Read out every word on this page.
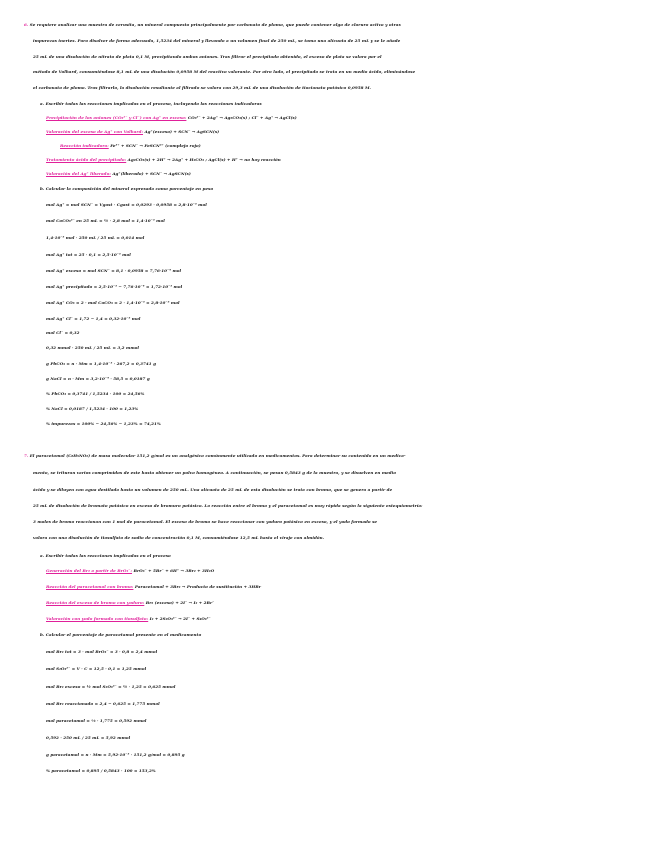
6. Se requiere analizar una muestra de cerusita, un mineral compuesto principalmente por carbonato de plomo, que puede contener algo de cloruro activo y otras
impurezas inertes. Para disolver de forma adecuada, 1,5234 del mineral y llevando a un volumen final de 250 mL, se toma una alícuota de 25 mL y se le añade
25 mL de una disolución de nitrato de plata 0,1 M, precipitando ambos aniones. Tras filtrar el precipitado obtenido, el exceso de plata se valora por el
método de Volhard, consumiéndose 8,1 mL de una disolución 0,0958 M del reactivo valorante. Por otro lado, el precipitado se trata en un medio ácido, eliminándose
el carbonato de plomo. Tras filtrarlo, la disolución resultante al filtrado se valora con 29,3 mL de una disolución de tiocianato potásico 0,0958 M.
a. Escribir todas las reacciones implicadas en el proceso, incluyendo las reacciones indicadoras
Precipitación de los aniones (CO₃²⁻ y Cl⁻) con Ag⁺ en exceso: CO₃²⁻ + 2Ag⁺ → Ag₂CO₃(s) ; Cl⁻ + Ag⁺ → AgCl(s)
Valoración del exceso de Ag⁺ con Volhard: Ag⁺(exceso) + SCN⁻ → AgSCN(s)
Reacción indicadora: Fe³⁺ + SCN⁻ → FeSCN²⁺ (complejo rojo)
Tratamiento ácido del precipitado: Ag₂CO₃(s) + 2H⁺ → 2Ag⁺ + H₂CO₃ ; AgCl(s) + H⁺ → no hay reacción
Valoración del Ag⁺ liberado: Ag⁺(liberado) + SCN⁻ → AgSCN(s)
b. Calcular la composición del mineral expresada como porcentaje en peso
mol Ag⁺ = mol SCN⁻ = Vgast · Cgast = 0,0293 · 0,0958 = 2,8·10⁻³ mol
mol CaCO₃²⁻ en 25 mL = ½ · 2,8 mol = 1,4·10⁻³ mol
1,4·10⁻³ mol · 250 mL / 25 mL = 0,014 mol
mol Ag⁺ tot = 25 · 0,1 = 2,5·10⁻³ mol
mol Ag⁺ exceso = mol SCN⁻ = 8,1 · 0,0958 = 7,76·10⁻⁴ mol
mol Ag⁺ precipitado = 2,5·10⁻³ − 7,76·10⁻⁴ = 1,72·10⁻³ mol
mol Ag⁺ CO₃ = 2 · mol CaCO₃ = 2 · 1,4·10⁻³ = 2,8·10⁻³ mol
mol Ag⁺ Cl⁻ = 1,72 − 1,4 = 0,32·10⁻³ mol
mol Cl⁻ = 0,32
0,32 mmol · 250 mL / 25 mL = 3,2 mmol
g PbCO₃ = n · Mm = 1,4·10⁻³ · 267,2 = 0,3741 g
g NaCl = n · Mm = 3,2·10⁻⁴ · 58,5 = 0,0187 g
% PbCO₃ = 0,3741 / 1,5234 · 100 = 24,56%
% NaCl = 0,0187 / 1,5234 · 100 = 1,23%
% impurezas = 100% − 24,56% − 1,23% = 74,21%
7. El paracetamol (C₈H₉NO₂) de masa molecular 151,2 g/mol es un analgésico comúnmente utilizado en medicamentos. Para determinar su contenido en un medica-
mento, se trituran varios comprimidos de este hasta obtener un polvo homogéneo. A continuación, se pesan 0,5843 g de la muestra, y se disuelven en medio
ácido y se diluyen con agua destilada hasta un volumen de 250 mL. Una alícuota de 25 mL de esta disolución se trata con bromo, que se genera a partir de
25 mL de disolución de bromato potásico en exceso de bromuro potásico. La reacción entre el bromo y el paracetamol es muy rápida según la siguiente estequiometría:
3 moles de bromo reaccionan con 1 mol de paracetamol. El exceso de bromo se hace reaccionar con yoduro potásico en exceso, y el yodo formado se
valora con una disolución de tiosulfato de sodio de concentración 0,1 M, consumiéndose 12,5 mL hasta el viraje con almidón.
a. Escribir todas las reacciones implicadas en el proceso
Generación del Br₂ a partir de BrO₃⁻: BrO₃⁻ + 5Br⁻ + 6H⁺ → 3Br₂ + 3H₂O
Reacción del paracetamol con bromo: Paracetamol + 3Br₂ → Producto de sustitución + 3HBr
Reacción del exceso de bromo con yoduro: Br₂ (exceso) + 2I⁻ → I₂ + 2Br⁻
Valoración con yodo formado con tiosulfato: I₂ + 2S₂O₃²⁻ → 2I⁻ + S₄O₆²⁻
b. Calcular el porcentaje de paracetamol presente en el medicamento
mol Br₂ tot = 3 · mol BrO₃⁻ = 3 · 0,8 = 2,4 mmol
mol S₂O₃²⁻ = V · C = 12,5 · 0,1 = 1,25 mmol
mol Br₂ exceso = ½ mol S₂O₃²⁻ = ½ · 1,25 = 0,625 mmol
mol Br₂ reaccionado = 2,4 − 0,625 = 1,775 mmol
mol paracetamol = ⅓ · 1,775 = 0,592 mmol
0,592 · 250 mL / 25 mL = 5,92 mmol
g paracetamol = n · Mm = 5,92·10⁻³ · 151,2 g/mol = 0,895 g
% paracetamol = 0,895 / 0,5843 · 100 = 153,2%
